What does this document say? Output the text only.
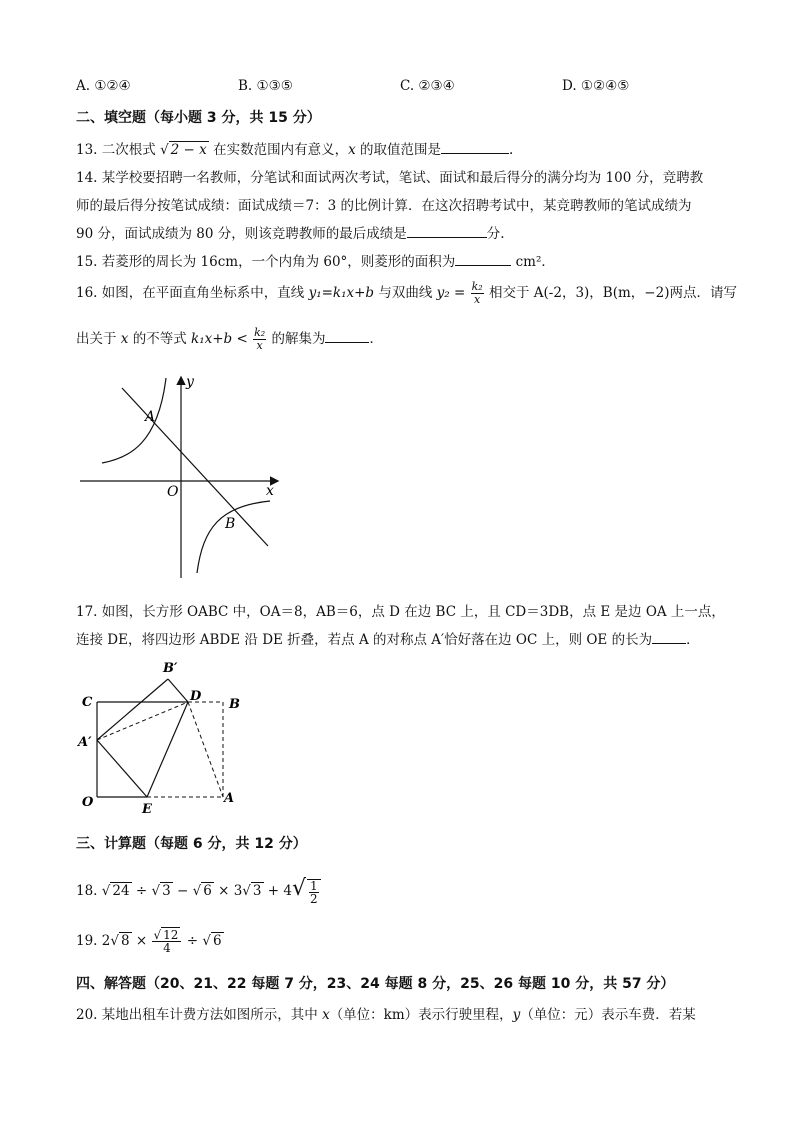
A. ①②④	B. ①③⑤	C. ②③④	D. ①②④⑤
二、填空题（每小题 3 分，共 15 分）
13. 二次根式 √ 2 − x 在实数范围内有意义，x 的取值范围是	.
14. 某学校要招聘一名教师，分笔试和面试两次考试，笔试、面试和最后得分的满分均为 100 分，竞聘教
师的最后得分按笔试成绩：面试成绩＝7：3 的比例计算．在这次招聘考试中，某竞聘教师的笔试成绩为
90 分，面试成绩为 80 分，则该竞聘教师的最后成绩是	分.
15. 若菱形的周长为 16cm，一个内角为 60°，则菱形的面积为	cm²．
16. 如图，在平面直角坐标系中，直线 y₁=k₁x+b 与双曲线 $y_2 = \frac{\text{k₂}}{x}$ 相交于 A(-2，3)，B(m，−2)两点．请写
出关于 x 的不等式 $k_1x+b < \frac{\text{k₂}}{x}$ 的解集为	．
y
x
O
A
B
17. 如图，长方形 OABC 中，OA＝8，AB＝6，点 D 在边 BC 上，且 CD＝3DB，点 E 是边 OA 上一点，
连接 DE，将四边形 ABDE 沿 DE 折叠，若点 A 的对称点 A′恰好落在边 OC 上，则 OE 的长为	．
B′
D
B
C
A′
O	E
A
三、计算题（每题 6 分，共 12 分）
18. √ 24 ÷ √ 3 − √ 6 × 3√ $3 + 4√ \frac{1}{2}$
19. 2√ $8 \times \frac{√ 12}{4}$ ÷ √ 6
四、解答题（20、21、22 每题 7 分，23、24 每题 8 分，25、26 每题 10 分，共 57 分）
20. 某地出租车计费方法如图所示，其中 x（单位：km）表示行驶里程，y（单位：元）表示车费．若某
